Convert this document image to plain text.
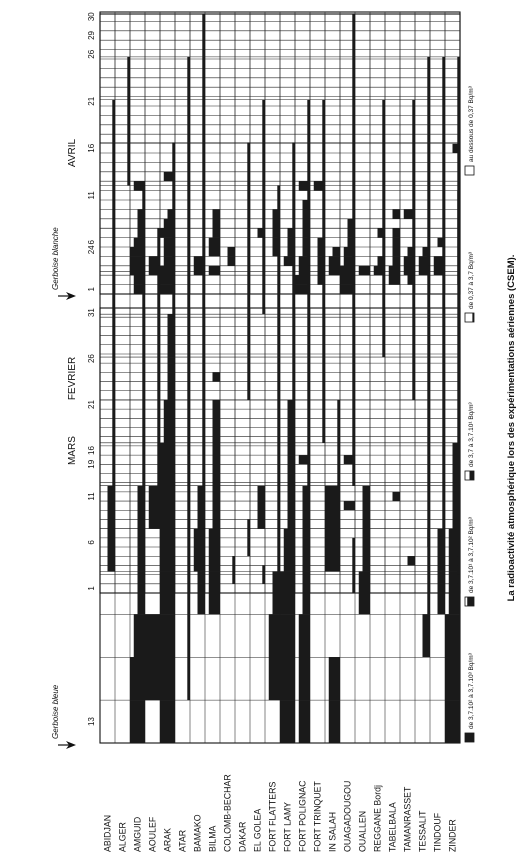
13
19
24
29
FEVRIER
Gerboise bleue
1
6
11
16
21
26
31
MARS
1
6
11
16
21
26
30
AVRIL
Gerboise blanche
ABIDJAN ALGER AMGUID AOULEF ARAK ATAR BAMAKO BILMA COLOMB-BECHAR DAKAR EL GOLEA FORT FLATTERS FORT LAMY FORT POLIGNAC FORT TRINQUET IN SALAH OUAGADOUGOU OUALLEN REGGANE Bordj TABELBALA TAMANRASSET TESSALIT TINDOUF ZINDER
de 3,7.10² à 3,7.10³ Bq/m³
de 3,7.10¹ à 3,7.10² Bq/m³
de 3,7 à 3,7.10¹ Bq/m³
de 0,37 à 3,7 Bq/m³
au dessous de 0,37 Bq/m³
La radioactivité atmosphérique lors des expérimentations aériennes (CSEM).
